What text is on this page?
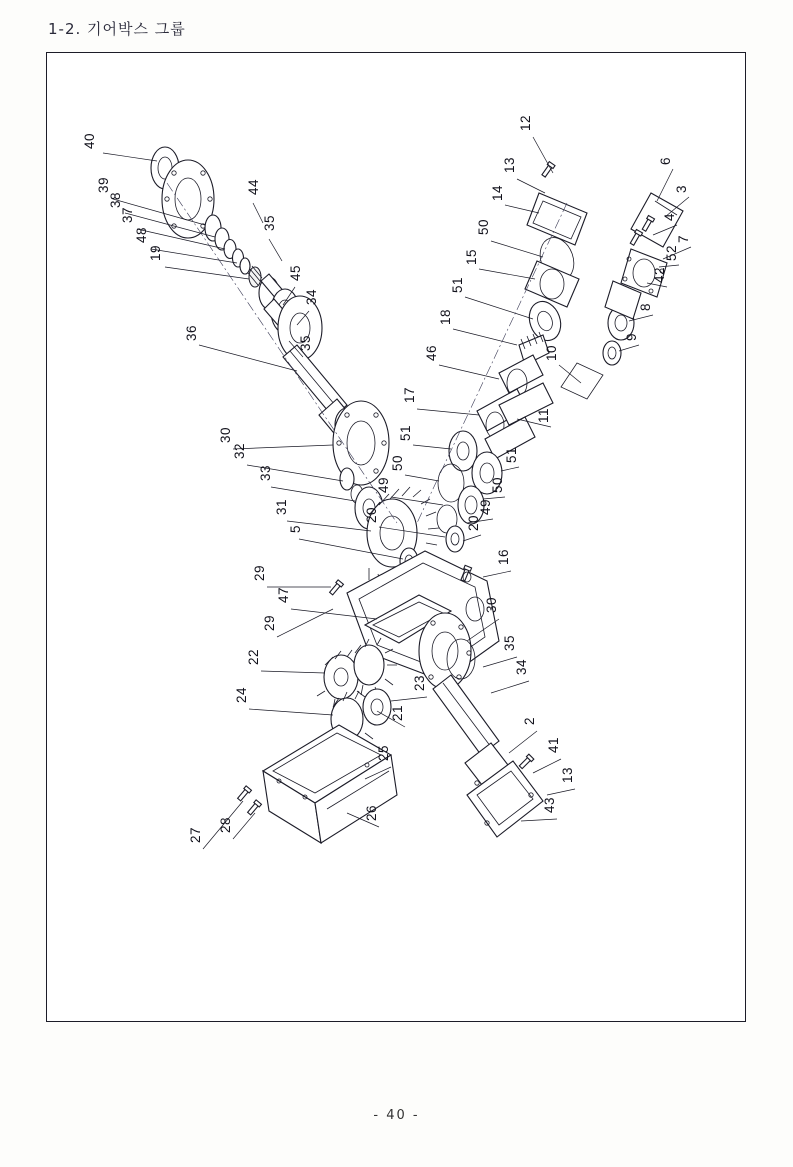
1-2. 기어박스 그룹
40
39
38
37
48
19
44
35
45
34
35
36
30
32
33
31
5
29
47
29
22
24
27
28
26
25
21
23
20
49
50
51
17
46
18
51
15
50
14
13
12
11
51
50
49
20
16
30
35
34
2
41
13
43
10
9
8
42
52
7
4
3
6
- 40 -
